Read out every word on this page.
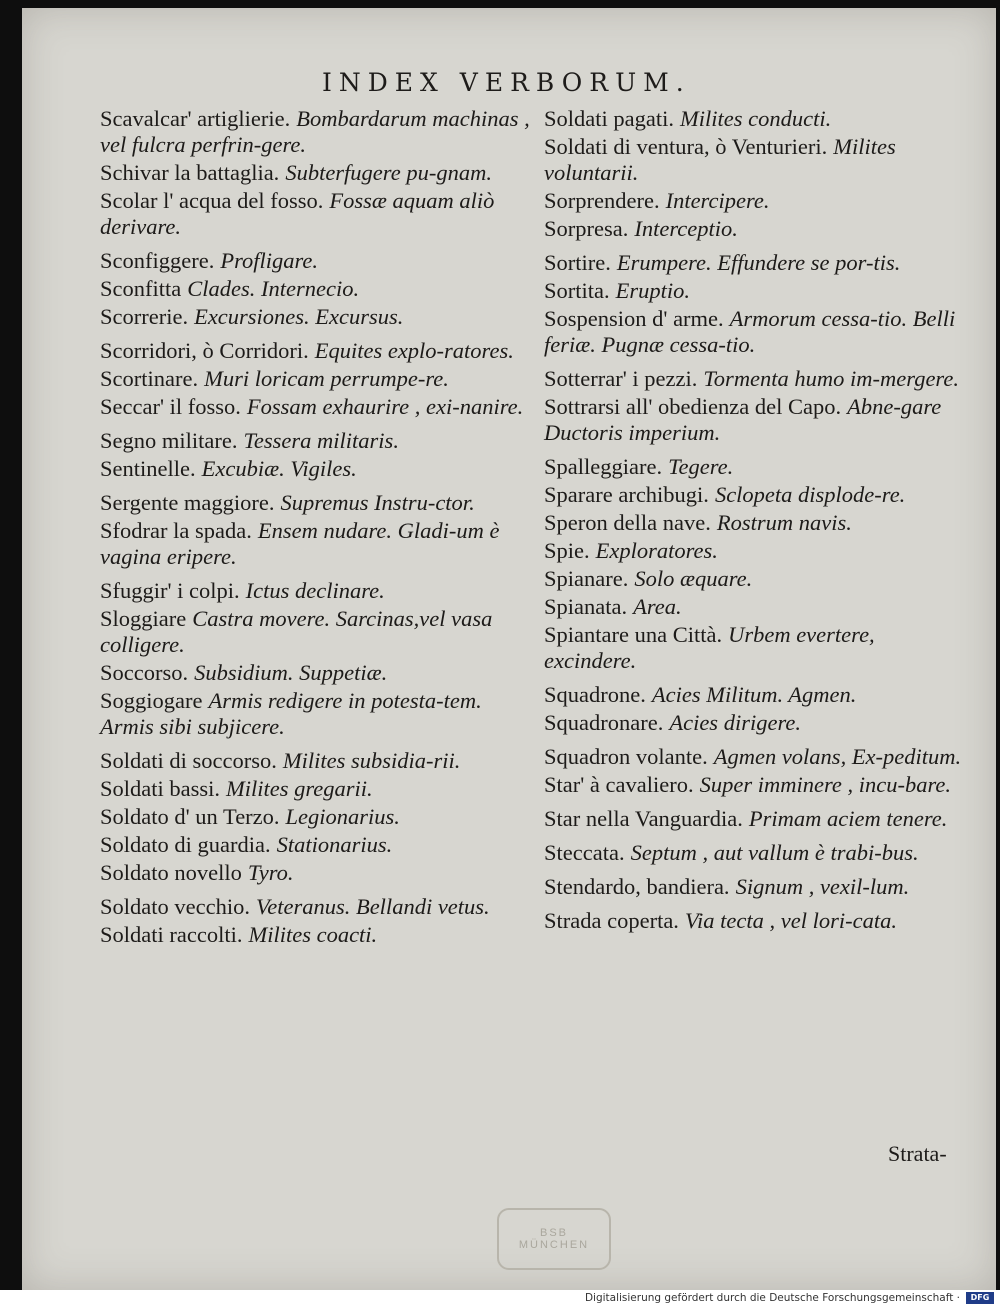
INDEX VERBORUM.
Scavalcar' artiglierie. Bombardarum machinas , vel fulcra perfrin-gere.
Schivar la battaglia. Subterfugere pu-gnam.
Scolar l' acqua del fosso. Fossæ aquam aliò derivare.
Sconfiggere. Profligare.
Sconfitta Clades. Internecio.
Scorrerie. Excursiones. Excursus.
Scorridori, ò Corridori. Equites explo-ratores.
Scortinare. Muri loricam perrumpe-re.
Seccar' il fosso. Fossam exhaurire , exi-nanire.
Segno militare. Tessera militaris.
Sentinelle. Excubiæ. Vigiles.
Sergente maggiore. Supremus Instru-ctor.
Sfodrar la spada. Ensem nudare. Gladi-um è vagina eripere.
Sfuggir' i colpi. Ictus declinare.
Sloggiare Castra movere. Sarcinas,vel vasa colligere.
Soccorso. Subsidium. Suppetiæ.
Soggiogare Armis redigere in potesta-tem. Armis sibi subjicere.
Soldati di soccorso. Milites subsidia-rii.
Soldati bassi. Milites gregarii.
Soldato d' un Terzo. Legionarius.
Soldato di guardia. Stationarius.
Soldato novello Tyro.
Soldato vecchio. Veteranus. Bellandi vetus.
Soldati raccolti. Milites coacti.
Soldati pagati. Milites conducti.
Soldati di ventura, ò Venturieri. Milites voluntarii.
Sorprendere. Intercipere.
Sorpresa. Interceptio.
Sortire. Erumpere. Effundere se por-tis.
Sortita. Eruptio.
Sospension d' arme. Armorum cessa-tio. Belli feriæ. Pugnæ cessa-tio.
Sotterrar' i pezzi. Tormenta humo im-mergere.
Sottrarsi all' obedienza del Capo. Abne-gare Ductoris imperium.
Spalleggiare. Tegere.
Sparare archibugi. Sclopeta displode-re.
Speron della nave. Rostrum navis.
Spie. Exploratores.
Spianare. Solo æquare.
Spianata. Area.
Spiantare una Città. Urbem evertere, excindere.
Squadrone. Acies Militum. Agmen.
Squadronare. Acies dirigere.
Squadron volante. Agmen volans, Ex-peditum.
Star' à cavaliero. Super imminere , incu-bare.
Star nella Vanguardia. Primam aciem tenere.
Steccata. Septum , aut vallum è trabi-bus.
Stendardo, bandiera. Signum , vexil-lum.
Strada coperta. Via tecta , vel lori-cata.
Strata-
BSB
MÜNCHEN
Digitalisierung gefördert durch die Deutsche Forschungsgemeinschaft ·	DFG
